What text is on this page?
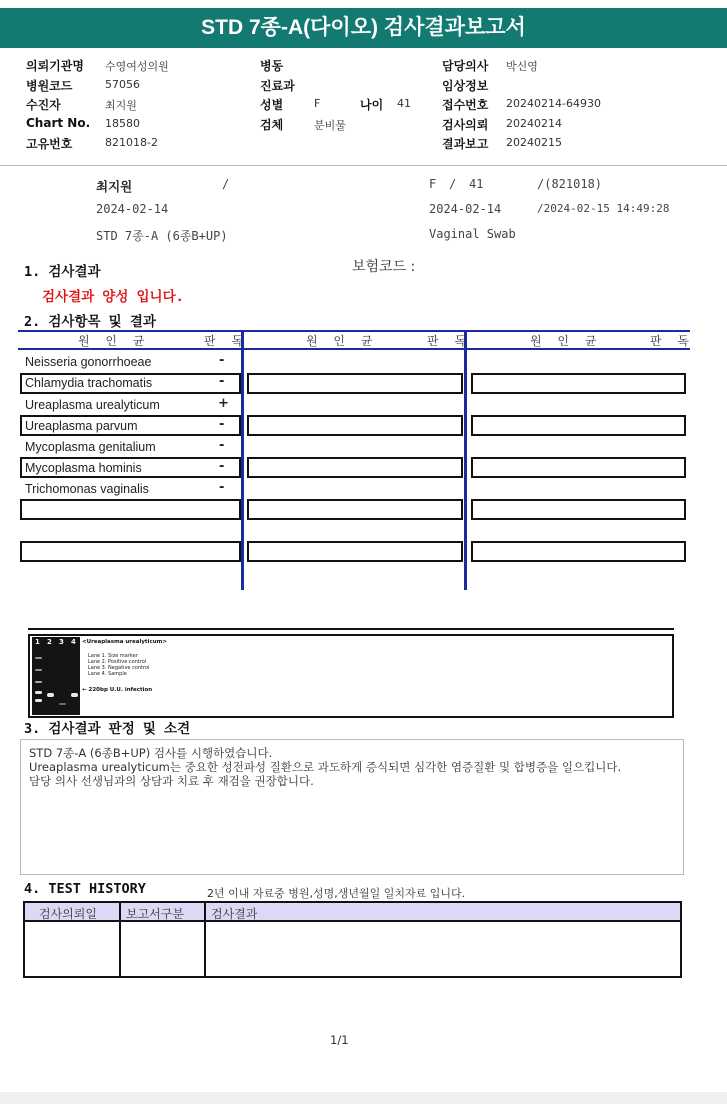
STD 7종-A(다이오) 검사결과보고서
의뢰기관명 수영여성의원
병원코드	57056
수진자	최지원
Chart No. 18580
고유번호	821018-2
병동
진료과
성별	F
검체	분비물
나이 41
담당의사 박신영
임상정보
접수번호 20240214-64930
검사의뢰 20240214
결과보고 20240215
최지원	/	F / 41	/(821018)
2024-02-14	2024-02-14	/2024-02-15 14:49:28
STD 7종-A (6종B+UP)	Vaginal Swab
1. 검사결과	보험코드 :
검사결과 양성 입니다.
2. 검사항목 및 결과
원 인 균	판 독	원 인 균	판 독	원 인 균	판 독
Neisseria gonorrhoeae	-
Chlamydia trachomatis	-
Ureaplasma urealyticum	+
Ureaplasma parvum	-
Mycoplasma genitalium	-
Mycoplasma hominis	-
Trichomonas vaginalis	-
1 2 3 4 <Ureaplasma urealyticum>
Lane 1. Size marker
Lane 2. Positive control
Lane 3. Negative control
Lane 4. Sample
← 220bp U.U. infection
3. 검사결과 판정 및 소견
STD 7종-A (6종B+UP) 검사를 시행하였습니다.
Ureaplasma urealyticum는 중요한 성전파성 질환으로 과도하게 증식되면 심각한 염증질환 및 합병증을 일으킵니다.
담당 의사 선생님과의 상담과 치료 후 재검을 권장합니다.
4. TEST HISTORY	2년 이내 자료중 병원,성명,생년월일 일치자료 입니다.
검사의뢰일 보고서구분 검사결과
1/1
